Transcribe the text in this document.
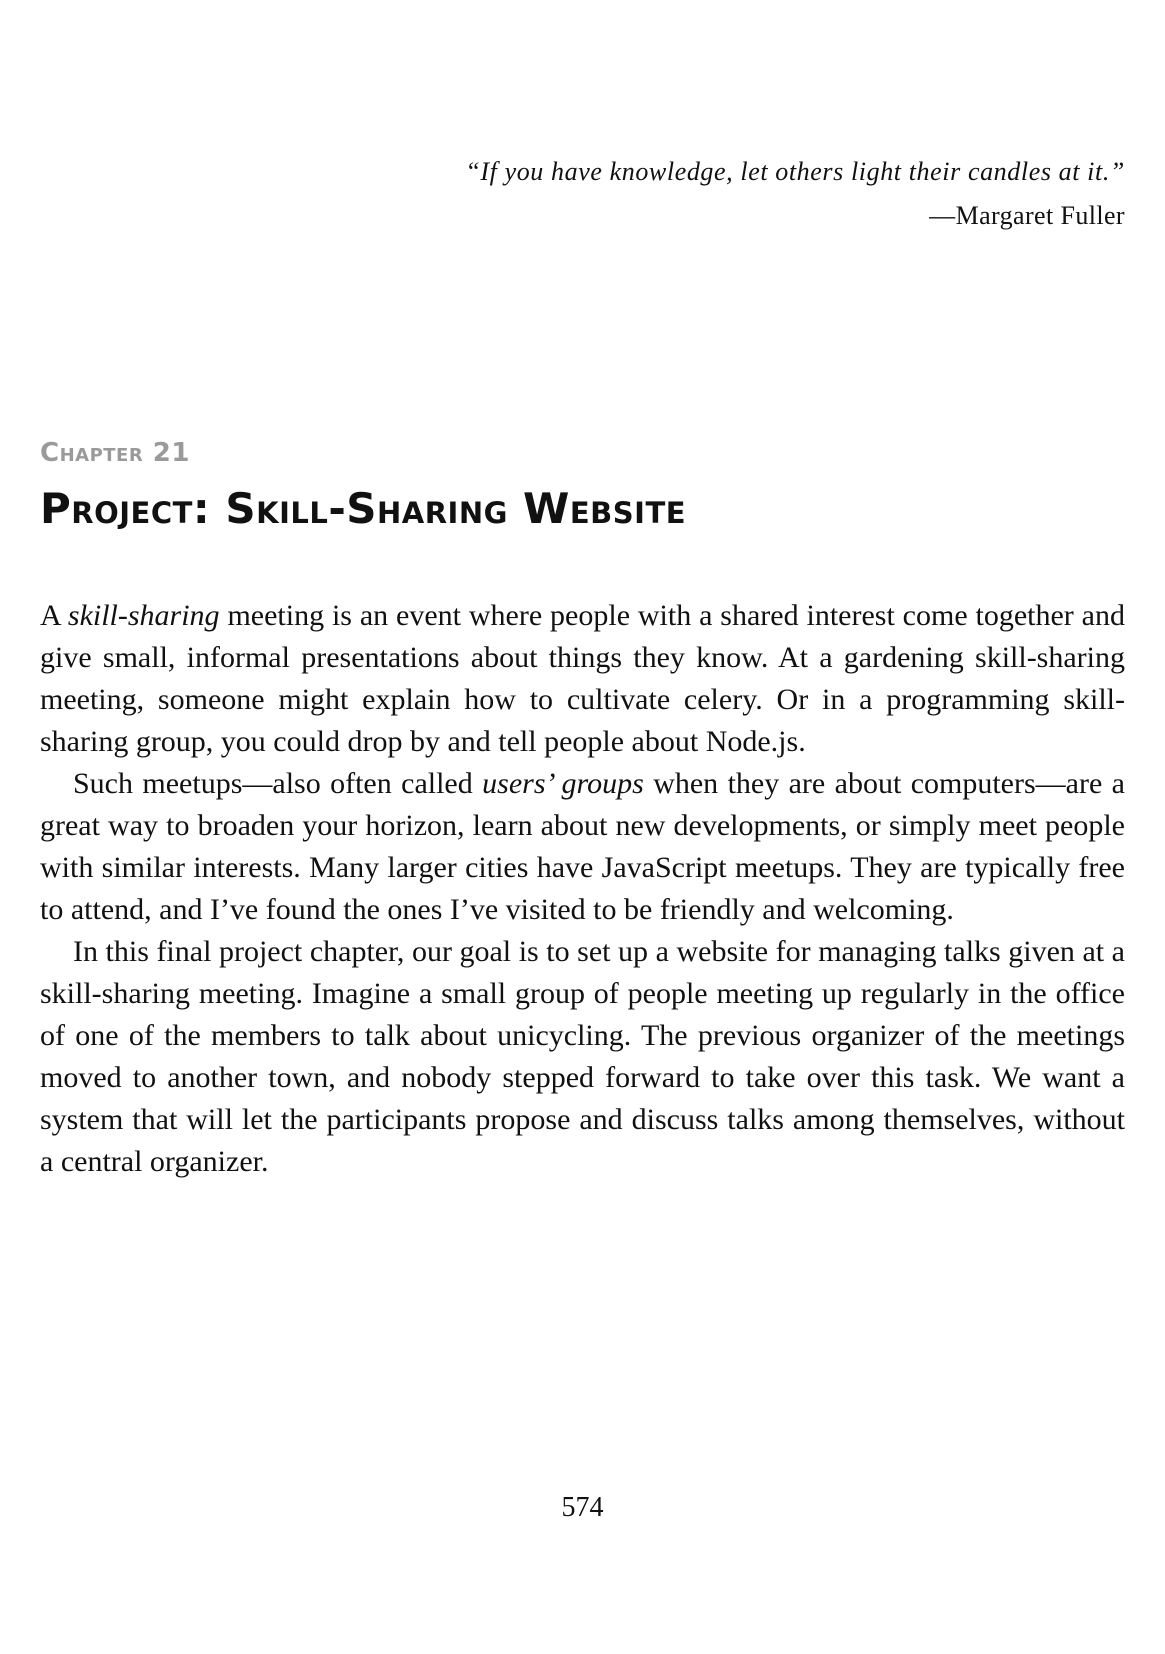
“If you have knowledge, let others light their candles at it.”
—Margaret Fuller
Chapter 21
Project: Skill-Sharing Website

A skill-sharing meeting is an event where people with a shared interest come together and give small, informal presentations about things they know. At a gardening skill-sharing meeting, someone might explain how to cultivate celery. Or in a programming skill-sharing group, you could drop by and tell people about Node.js.

Such meetups—also often called users’ groups when they are about computers—are a great way to broaden your horizon, learn about new developments, or simply meet people with similar interests. Many larger cities have JavaScript meetups. They are typically free to attend, and I’ve found the ones I’ve visited to be friendly and welcoming.

In this final project chapter, our goal is to set up a website for managing talks given at a skill-sharing meeting. Imagine a small group of people meeting up regularly in the office of one of the members to talk about unicycling. The previous organizer of the meetings moved to another town, and nobody stepped forward to take over this task. We want a system that will let the participants propose and discuss talks among themselves, without a central organizer.

574
